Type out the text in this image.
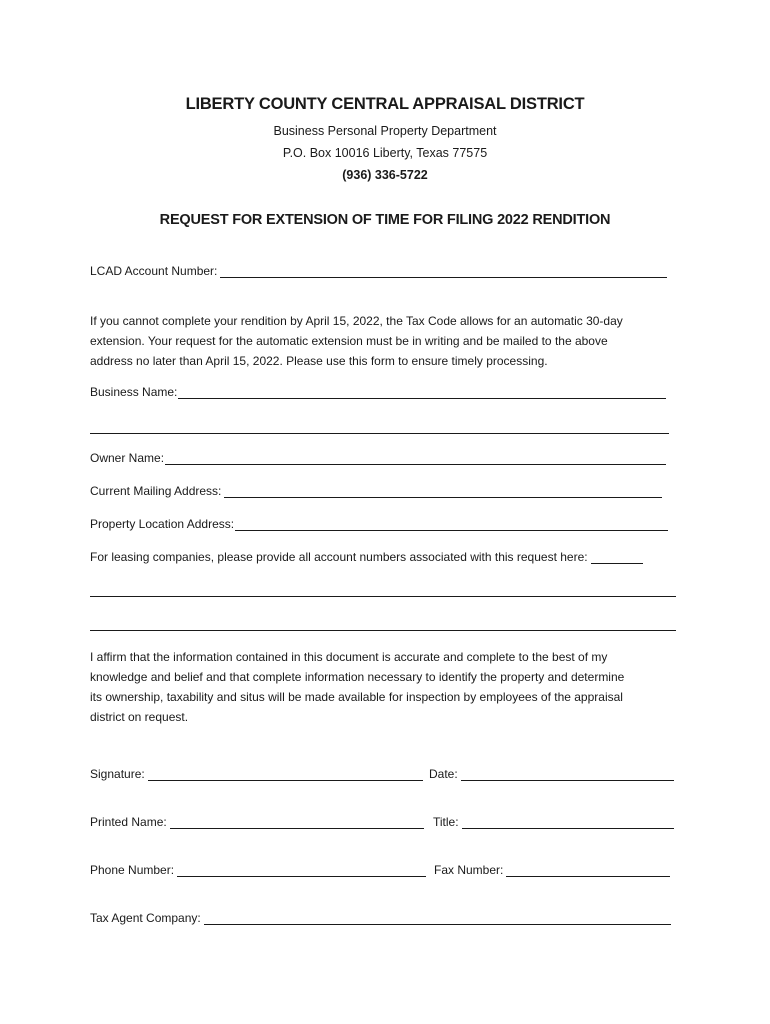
LIBERTY COUNTY CENTRAL APPRAISAL DISTRICT
Business Personal Property Department
P.O. Box 10016 Liberty, Texas 77575
(936) 336-5722
REQUEST FOR EXTENSION OF TIME FOR FILING 2022 RENDITION
LCAD Account Number:
If you cannot complete your rendition by April 15, 2022, the Tax Code allows for an automatic 30-day
extension. Your request for the automatic extension must be in writing and be mailed to the above
address no later than April 15, 2022. Please use this form to ensure timely processing.
Business Name:
Owner Name:
Current Mailing Address:
Property Location Address:
For leasing companies, please provide all account numbers associated with this request here:
I affirm that the information contained in this document is accurate and complete to the best of my
knowledge and belief and that complete information necessary to identify the property and determine
its ownership, taxability and situs will be made available for inspection by employees of the appraisal
district on request.
Signature:	Date:
Printed Name:	Title:
Phone Number:	Fax Number:
Tax Agent Company:
